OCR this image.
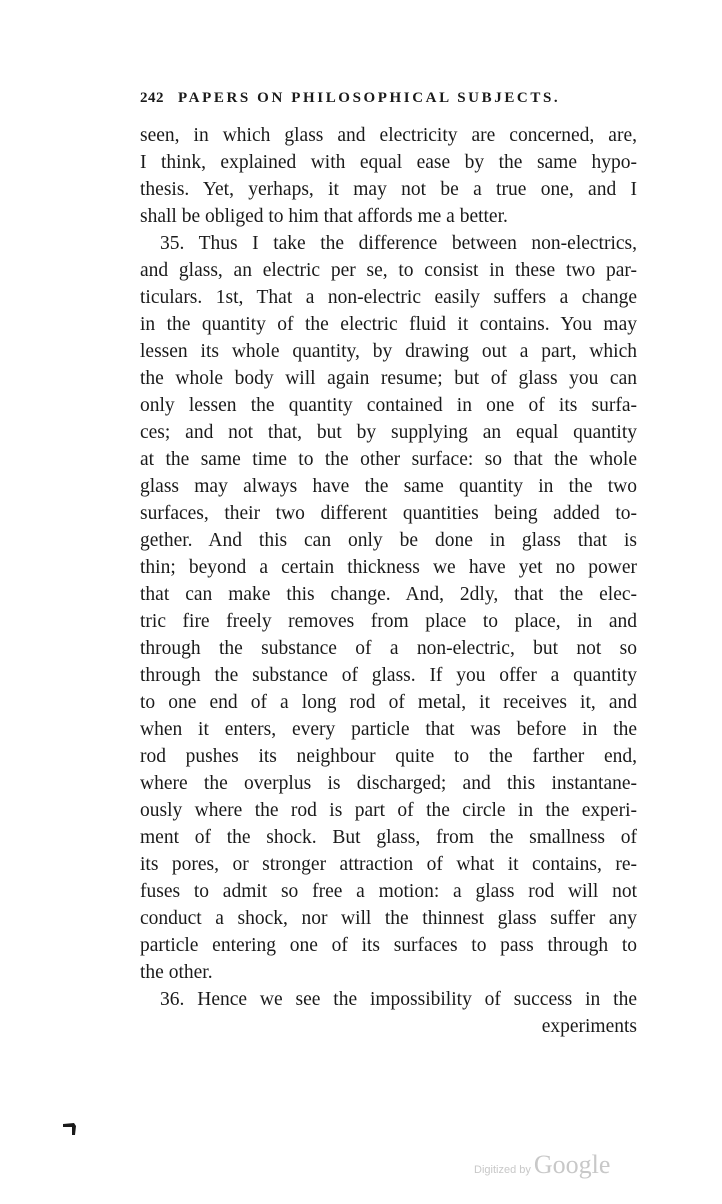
242 PAPERS ON PHILOSOPHICAL SUBJECTS.
seen, in which glass and electricity are concerned, are,
I think, explained with equal ease by the same hypo-
thesis. Yet, yerhaps, it may not be a true one, and I
shall be obliged to him that affords me a better.
35. Thus I take the difference between non-electrics,
and glass, an electric per se, to consist in these two par-
ticulars. 1st, That a non-electric easily suffers a change
in the quantity of the electric fluid it contains. You may
lessen its whole quantity, by drawing out a part, which
the whole body will again resume; but of glass you can
only lessen the quantity contained in one of its surfa-
ces; and not that, but by supplying an equal quantity
at the same time to the other surface: so that the whole
glass may always have the same quantity in the two
surfaces, their two different quantities being added to-
gether. And this can only be done in glass that is
thin; beyond a certain thickness we have yet no power
that can make this change. And, 2dly, that the elec-
tric fire freely removes from place to place, in and
through the substance of a non-electric, but not so
through the substance of glass. If you offer a quantity
to one end of a long rod of metal, it receives it, and
when it enters, every particle that was before in the
rod pushes its neighbour quite to the farther end,
where the overplus is discharged; and this instantane-
ously where the rod is part of the circle in the experi-
ment of the shock. But glass, from the smallness of
its pores, or stronger attraction of what it contains, re-
fuses to admit so free a motion: a glass rod will not
conduct a shock, nor will the thinnest glass suffer any
particle entering one of its surfaces to pass through to
the other.
36. Hence we see the impossibility of success in the
experiments
Digitized by Google
